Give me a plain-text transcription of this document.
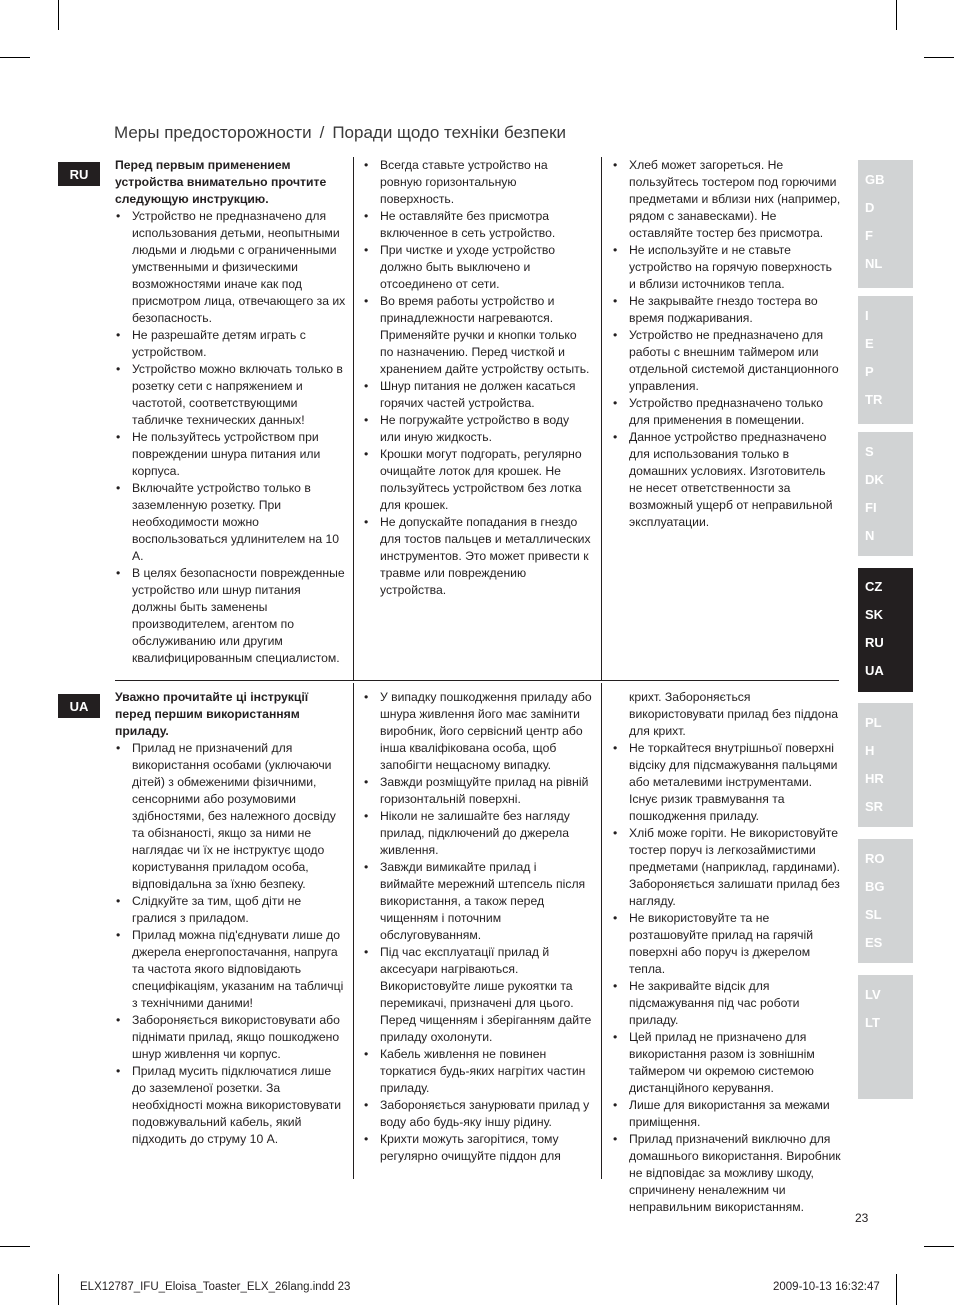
Меры предосторожности / Поради щодо техніки безпеки
RU

Перед первым применением устройства внимательно прочтите следующую инструкцию.

• Устройство не предназначено для использования детьми, неопытными людьми и людьми с ограниченными умственными и физическими возможностями иначе как под присмотром лица, отвечающего за их безопасность.
• Не разрешайте детям играть с устройством.
• Устройство можно включать только в розетку сети с напряжением и частотой, соответствующими табличке технических данных!
• Не пользуйтесь устройством при повреждении шнура питания или корпуса.
• Включайте устройство только в заземленную розетку. При необходимости можно воспользоваться удлинителем на 10 А.
• В целях безопасности поврежденные устройство или шнур питания должны быть заменены производителем, агентом по обслуживанию или другим квалифицированным специалистом.
• Всегда ставьте устройство на ровную горизонтальную поверхность.
• Не оставляйте без присмотра включенное в сеть устройство.
• При чистке и уходе устройство должно быть выключено и отсоединено от сети.
• Во время работы устройство и принадлежности нагреваются. Применяйте ручки и кнопки только по назначению. Перед чисткой и хранением дайте устройству остыть.
• Шнур питания не должен касаться горячих частей устройства.
• Не погружайте устройство в воду или иную жидкость.
• Крошки могут подгорать, регулярно очищайте лоток для крошек. Не пользуйтесь устройством без лотка для крошек.
• Не допускайте попадания в гнездо для тостов пальцев и металлических инструментов. Это может привести к травме или повреждению устройства.
• Хлеб может загореться. Не пользуйтесь тостером под горючими предметами и вблизи них (например, рядом с занавесками). Не оставляйте тостер без присмотра.
• Не используйте и не ставьте устройство на горячую поверхность и вблизи источников тепла.
• Не закрывайте гнездо тостера во время поджаривания.
• Устройство не предназначено для работы с внешним таймером или отдельной системой дистанционного управления.
• Устройство предназначено только для применения в помещении.
• Данное устройство предназначено для использования только в домашних условиях. Изготовитель не несет ответственности за возможный ущерб от неправильной эксплуатации.
UA

Уважно прочитайте ці інструкції перед першим використанням приладу.

• Прилад не призначений для використання особами (уключаючи дітей) з обмеженими фізичними, сенсорними або розумовими здібностями, без належного досвіду та обізнаності, якщо за ними не наглядає чи їх не інструктує щодо користування приладом особа, відповідальна за їхню безпеку.
• Слідкуйте за тим, щоб діти не гралися з приладом.
• Прилад можна під'єднувати лише до джерела енергопостачання, напруга та частота якого відповідають специфікаціям, указаним на табличці з технічними даними!
• Забороняється використовувати або піднімати прилад, якщо пошкоджено шнур живлення чи корпус.
• Прилад мусить підключатися лише до заземленої розетки. За необхідності можна використовувати подовжувальний кабель, який підходить до струму 10 А.
• У випадку пошкодження приладу або шнура живлення його має замінити виробник, його сервісний центр або інша кваліфікована особа, щоб запобігти нещасному випадку.
• Завжди розміщуйте прилад на рівній горизонтальній поверхні.
• Ніколи не залишайте без нагляду прилад, підключений до джерела живлення.
• Завжди вимикайте прилад і виймайте мережний штепсель після використання, а також перед чищенням і поточним обслуговуванням.
• Під час експлуатації прилад й аксесуари нагріваються. Використовуйте лише рукоятки та перемикачі, призначені для цього. Перед чищенням і зберіганням дайте приладу охолонути.
• Кабель живлення не повинен торкатися будь-яких нагрітих частин приладу.
• Забороняється занурювати прилад у воду або будь-яку іншу рідину.
• Крихти можуть загорітися, тому регулярно очищуйте піддон для
крихт. Забороняється використовувати прилад без піддона для крихт.
• Не торкайтеся внутрішньої поверхні відсіку для підсмажування пальцями або металевими інструментами. Існує ризик травмування та пошкодження приладу.
• Хліб може горіти. Не використовуйте тостер поруч із легкозаймистими предметами (наприклад, гардинами). Забороняється залишати прилад без нагляду.
• Не використовуйте та не розташовуйте прилад на гарячій поверхні або поруч із джерелом тепла.
• Не закривайте відсік для підсмажування під час роботи приладу.
• Цей прилад не призначено для використання разом із зовнішнім таймером чи окремою системою дистанційного керування.
• Лише для використання за межами приміщення.
• Прилад призначений виключно для домашнього використання. Виробник не відповідає за можливу шкоду, спричинену неналежним чи неправильним використанням.
GB
D
F
NL
I
E
P
TR
S
DK
FI
N
CZ
SK
RU
UA
PL
H
HR
SR
RO
BG
SL
ES
LV
LT
23
ELX12787_IFU_Eloisa_Toaster_ELX_26lang.indd 23	2009-10-13 16:32:47
